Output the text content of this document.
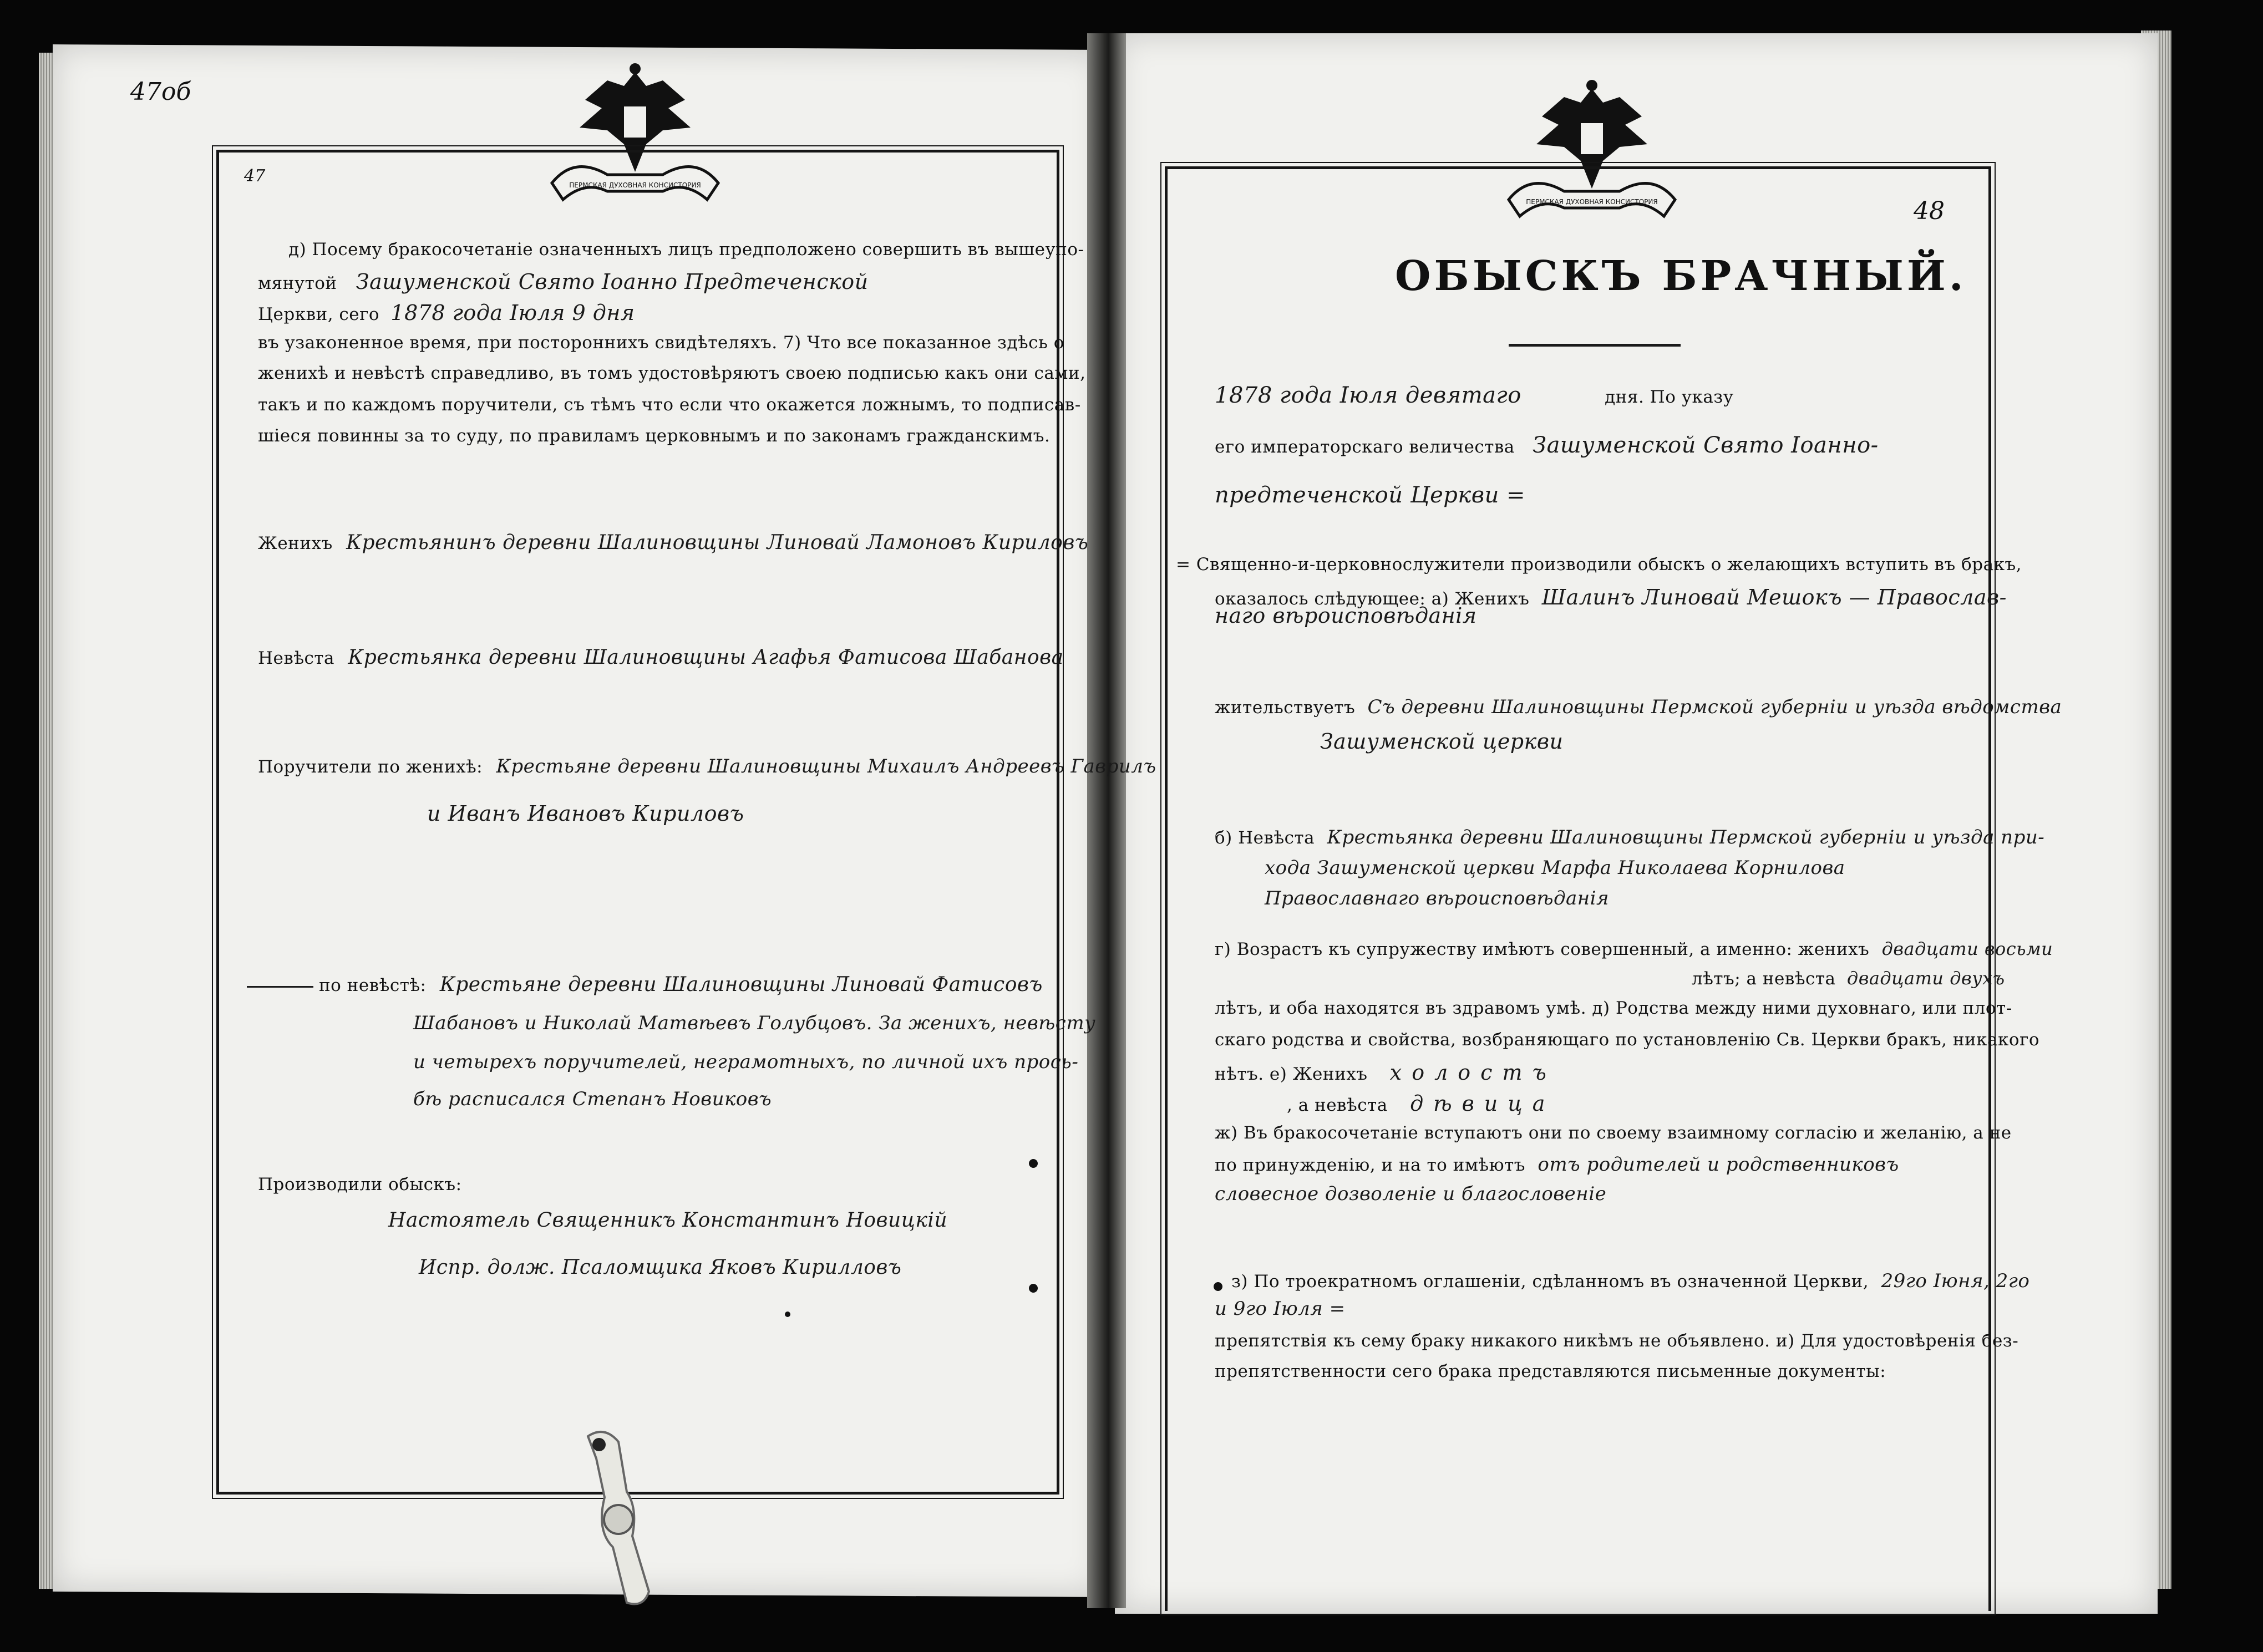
47об
47	ПЕРМСКАЯ ДУХОВНАЯ КОНСИСТОРИЯ
д) Посему бракосочетаніе означенныхъ лицъ предположено совершить въ вышеупо-
мянутой Зашуменской Свято Іоанно Предтеченской
Церкви, сего 1878 года Іюля 9 дня
въ узаконенное время, при постороннихъ свидѣтеляхъ. 7) Что все показанное здѣсь о
женихѣ и невѣстѣ справедливо, въ томъ удостовѣряютъ своею подписью какъ они сами,
такъ и по каждомъ поручители, съ тѣмъ что если что окажется ложнымъ, то подписав-
шіеся повинны за то суду, по правиламъ церковнымъ и по законамъ гражданскимъ.
Женихъ Крестьянинъ деревни Шалиновщины Линовай Ламоновъ Кириловъ
Невѣста Крестьянка деревни Шалиновщины Агафья Фатисова Шабанова
Поручители по женихѣ: Крестьяне деревни Шалиновщины Михаилъ Андреевъ Гаврилъ
и Иванъ Ивановъ Кириловъ
по невѣстѣ: Крестьяне деревни Шалиновщины Линовай Фатисовъ
Шабановъ и Николай Матвѣевъ Голубцовъ. За женихъ, невѣсту
и четырехъ поручителей, неграмотныхъ, по личной ихъ прось-
бѣ расписался Степанъ Новиковъ
Производили обыскъ:
Настоятель Священникъ Константинъ Новицкій
Испр. долж. Псаломщика Яковъ Кирилловъ
ПЕРМСКАЯ ДУХОВНАЯ КОНСИСТОРИЯ	48
ОБЫСКЪ БРАЧНЫЙ.
1878 года Іюля девятаго	дня. По указу
его императорскаго величества Зашуменской Свято Іоанно-
предтеченской Церкви =
= Священно-и-церковнослужители производили обыскъ о желающихъ вступить въ бракъ,
оказалось слѣдующее: а) Женихъ Шалинъ Линовай Мешокъ — Православ-
наго вѣроисповѣданія
жительствуетъ Съ деревни Шалиновщины Пермской губерніи и уѣзда вѣдомства
Зашуменской церкви
б) Невѣста Крестьянка деревни Шалиновщины Пермской губерніи и уѣзда при-
хода Зашуменской церкви Марфа Николаева Корнилова
Православнаго вѣроисповѣданія
г) Возрастъ къ супружеству имѣютъ совершенный, а именно: женихъ двадцати восьми
лѣтъ; а невѣста двадцати двухъ
лѣтъ, и оба находятся въ здравомъ умѣ. д) Родства между ними духовнаго, или плот-
скаго родства и свойства, возбраняющаго по установленію Св. Церкви бракъ, никакого
нѣтъ. е) Женихъ холостъ
, а невѣста дѣвица
ж) Въ бракосочетаніе вступаютъ они по своему взаимному согласію и желанію, а не
по принужденію, и на то имѣютъ отъ родителей и родственниковъ
словесное дозволеніе и благословеніе
з) По троекратномъ оглашеніи, сдѣланномъ въ означенной Церкви, 29го Іюня, 2го
и 9го Іюля =
препятствія къ сему браку никакого никѣмъ не объявлено. и) Для удостовѣренія без-
препятственности сего брака представляются письменные документы:
